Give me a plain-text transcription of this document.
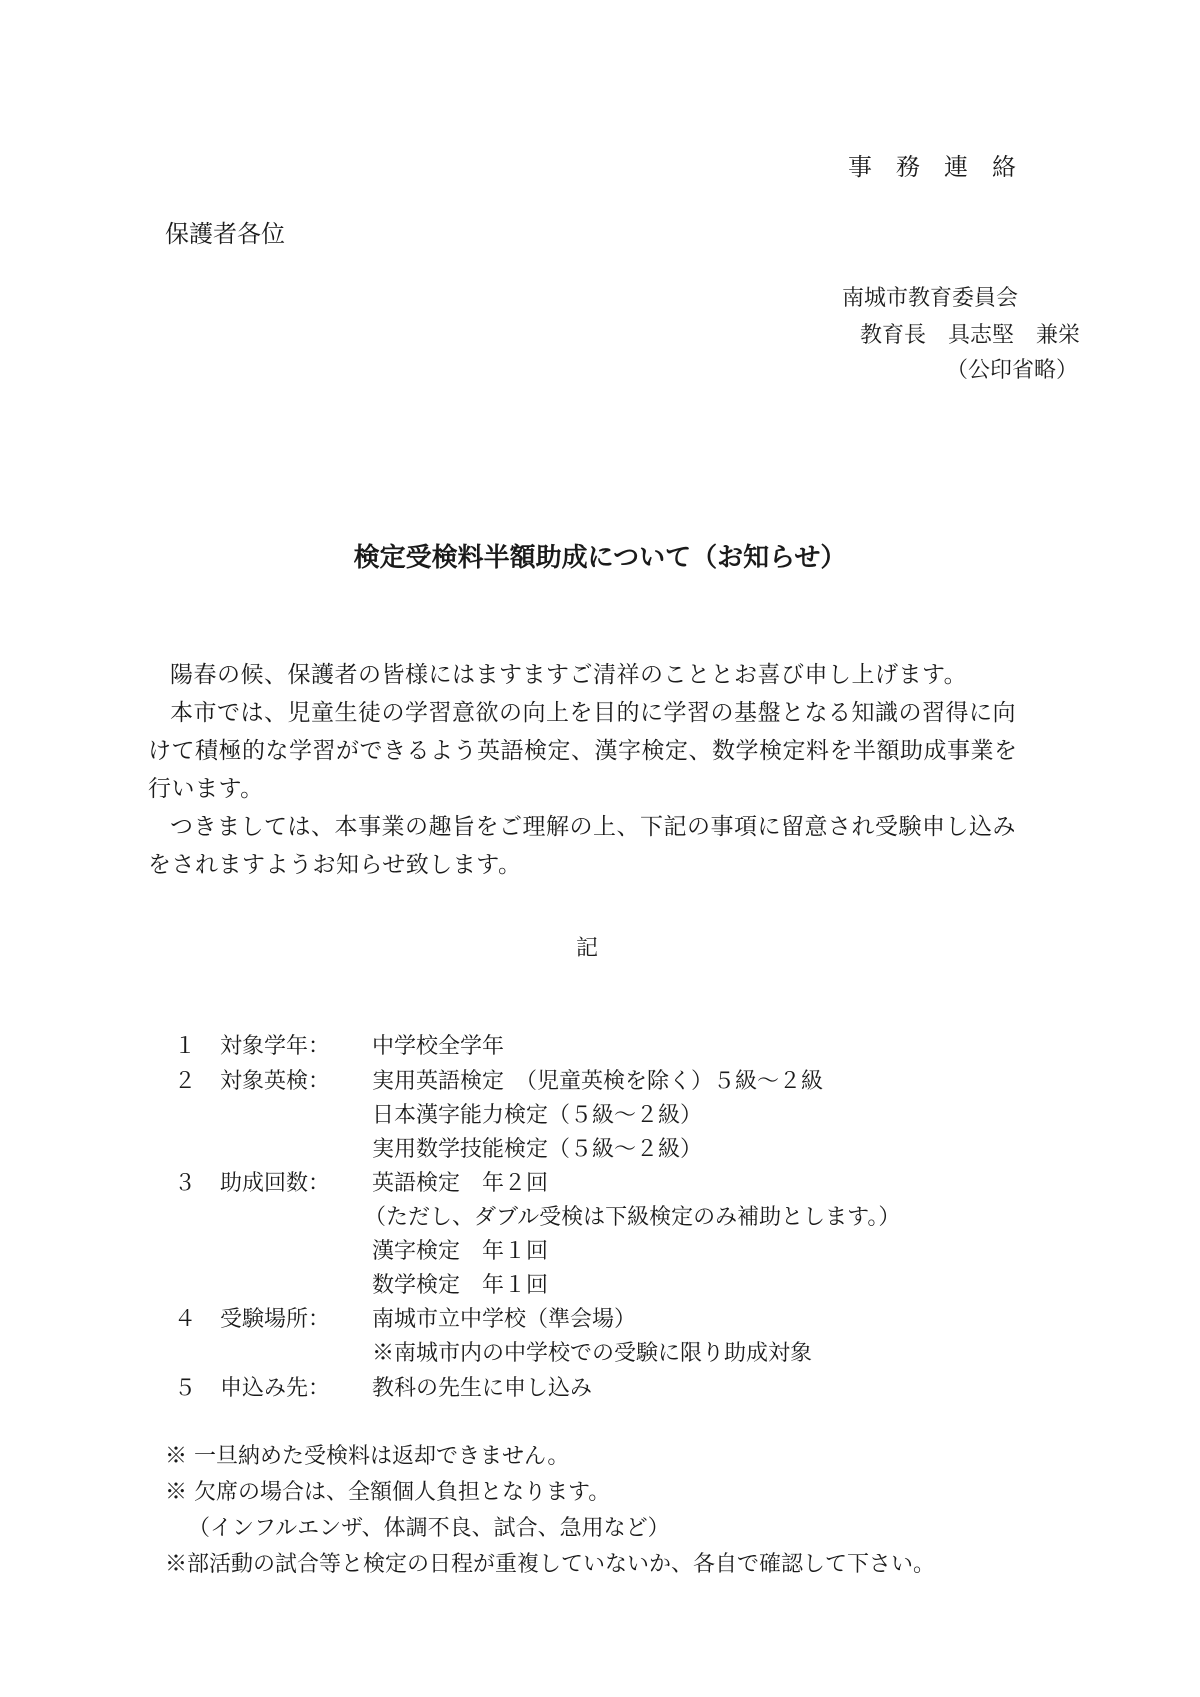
事　務　連　絡
保護者各位
南城市教育委員会
教育長　具志堅　兼栄
（公印省略）
検定受検料半額助成について（お知らせ）
陽春の候、保護者の皆様にはますますご清祥のこととお喜び申し上げます。
本市では、児童生徒の学習意欲の向上を目的に学習の基盤となる知識の習得に向
けて積極的な学習ができるよう英語検定、漢字検定、数学検定料を半額助成事業を
行います。
つきましては、本事業の趣旨をご理解の上、下記の事項に留意され受験申し込み
をされますようお知らせ致します。
記
１ 対象学年： 中学校全学年
２ 対象英検： 実用英語検定　（児童英検を除く）５級～２級
日本漢字能力検定（５級～２級）
実用数学技能検定（５級～２級）
３ 助成回数： 英語検定　年２回
（ただし、ダブル受検は下級検定のみ補助とします。）
漢字検定　年１回
数学検定　年１回
４ 受験場所： 南城市立中学校（準会場）
※南城市内の中学校での受験に限り助成対象
５ 申込み先： 教科の先生に申し込み
※ 一旦納めた受検料は返却できません。
※ 欠席の場合は、全額個人負担となります。
（インフルエンザ、体調不良、試合、急用など）
※部活動の試合等と検定の日程が重複していないか、各自で確認して下さい。
